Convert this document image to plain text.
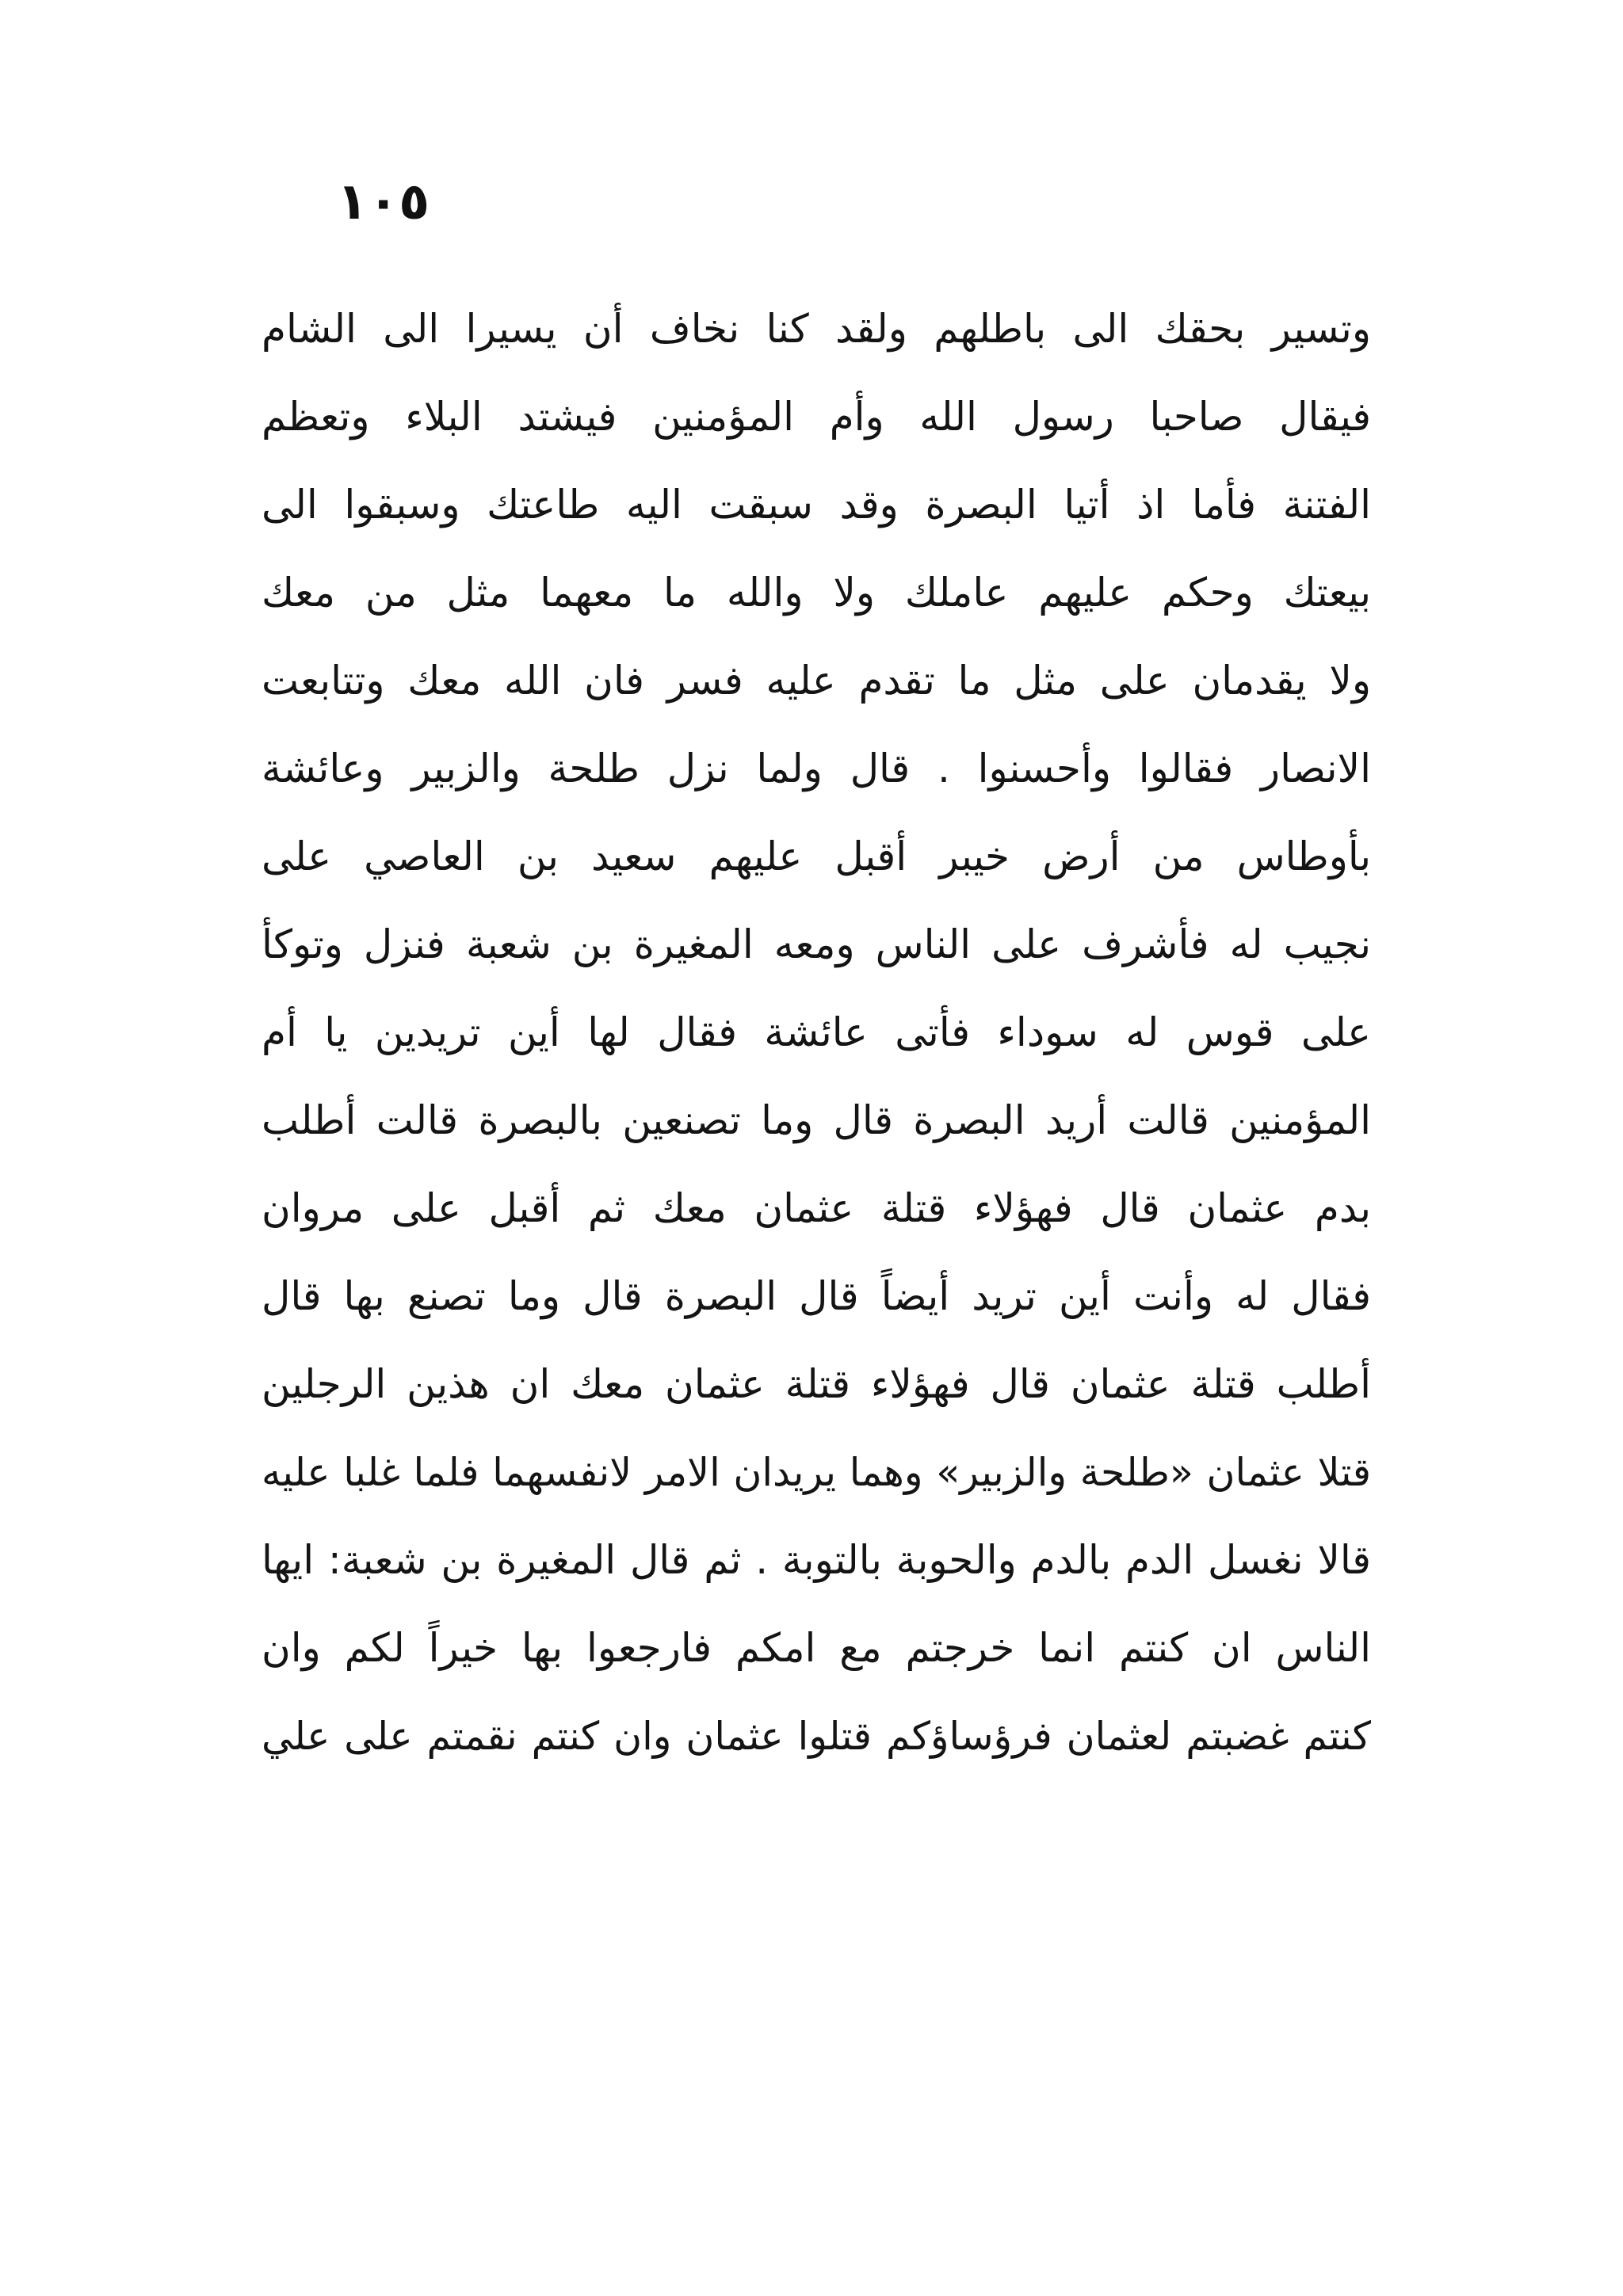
١٠٥
وتسير بحقك الى باطلهم ولقد كنا نخاف أن يسيرا الى الشام
فيقال صاحبا رسول الله وأم المؤمنين فيشتد البلاء وتعظم
الفتنة فأما اذ أتيا البصرة وقد سبقت اليه طاعتك وسبقوا الى
بيعتك وحكم عليهم عاملك ولا والله ما معهما مثل من معك
ولا يقدمان على مثل ما تقدم عليه فسر فان الله معك وتتابعت
الانصار فقالوا وأحسنوا . قال ولما نزل طلحة والزبير وعائشة
بأوطاس من أرض خيبر أقبل عليهم سعيد بن العاصي على
نجيب له فأشرف على الناس ومعه المغيرة بن شعبة فنزل وتوكأ
على قوس له سوداء فأتى عائشة فقال لها أين تريدين يا أم
المؤمنين قالت أريد البصرة قال وما تصنعين بالبصرة قالت أطلب
بدم عثمان قال فهؤلاء قتلة عثمان معك ثم أقبل على مروان
فقال له وأنت أين تريد أيضاً قال البصرة قال وما تصنع بها قال
أطلب قتلة عثمان قال فهؤلاء قتلة عثمان معك ان هذين الرجلين
قتلا عثمان «طلحة والزبير» وهما يريدان الامر لانفسهما فلما غلبا عليه
قالا نغسل الدم بالدم والحوبة بالتوبة . ثم قال المغيرة بن شعبة: ايها
الناس ان كنتم انما خرجتم مع امكم فارجعوا بها خيراً لكم وان
كنتم غضبتم لعثمان فرؤساؤكم قتلوا عثمان وان كنتم نقمتم على علي
